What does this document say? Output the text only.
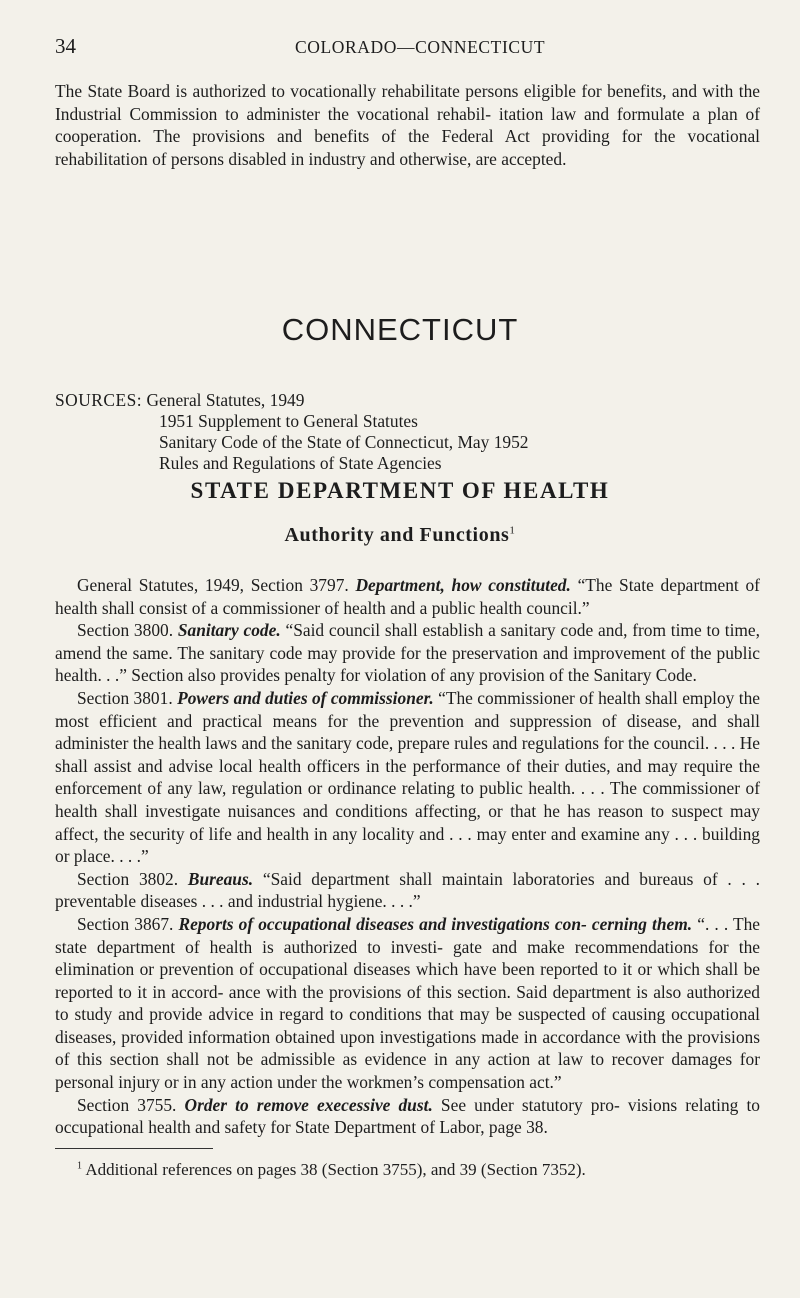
34	COLORADO—CONNECTICUT
The State Board is authorized to vocationally rehabilitate persons eligible for benefits, and with the Industrial Commission to administer the vocational rehabil- itation law and formulate a plan of cooperation. The provisions and benefits of the Federal Act providing for the vocational rehabilitation of persons disabled in industry and otherwise, are accepted.
CONNECTICUT
SOURCES: General Statutes, 1949
1951 Supplement to General Statutes
Sanitary Code of the State of Connecticut, May 1952
Rules and Regulations of State Agencies
STATE DEPARTMENT OF HEALTH
Authority and Functions$^1$

General Statutes, 1949, Section 3797. Department, how constituted. “The State department of health shall consist of a commissioner of health and a public health council.”

Section 3800. Sanitary code. “Said council shall establish a sanitary code and, from time to time, amend the same. The sanitary code may provide for the preservation and improvement of the public health. . .” Section also provides penalty for violation of any provision of the Sanitary Code.

Section 3801. Powers and duties of commissioner. “The commissioner of health shall employ the most efficient and practical means for the prevention and suppression of disease, and shall administer the health laws and the sanitary code, prepare rules and regulations for the council. . . . He shall assist and advise local health officers in the performance of their duties, and may require the enforcement of any law, regulation or ordinance relating to public health. . . . The commissioner of health shall investigate nuisances and conditions affecting, or that he has reason to suspect may affect, the security of life and health in any locality and . . . may enter and examine any . . . building or place. . . .”

Section 3802. Bureaus. “Said department shall maintain laboratories and bureaus of . . . preventable diseases . . . and industrial hygiene. . . .”

Section 3867. Reports of occupational diseases and investigations con- cerning them. “. . . The state department of health is authorized to investi- gate and make recommendations for the elimination or prevention of occupational diseases which have been reported to it or which shall be reported to it in accord- ance with the provisions of this section. Said department is also authorized to study and provide advice in regard to conditions that may be suspected of causing occupational diseases, provided information obtained upon investigations made in accordance with the provisions of this section shall not be admissible as evidence in any action at law to recover damages for personal injury or in any action under the workmen’s compensation act.”

Section 3755. Order to remove execessive dust. See under statutory pro- visions relating to occupational health and safety for State Department of Labor, page 38.

$^1$ Additional references on pages 38 (Section 3755), and 39 (Section 7352).
